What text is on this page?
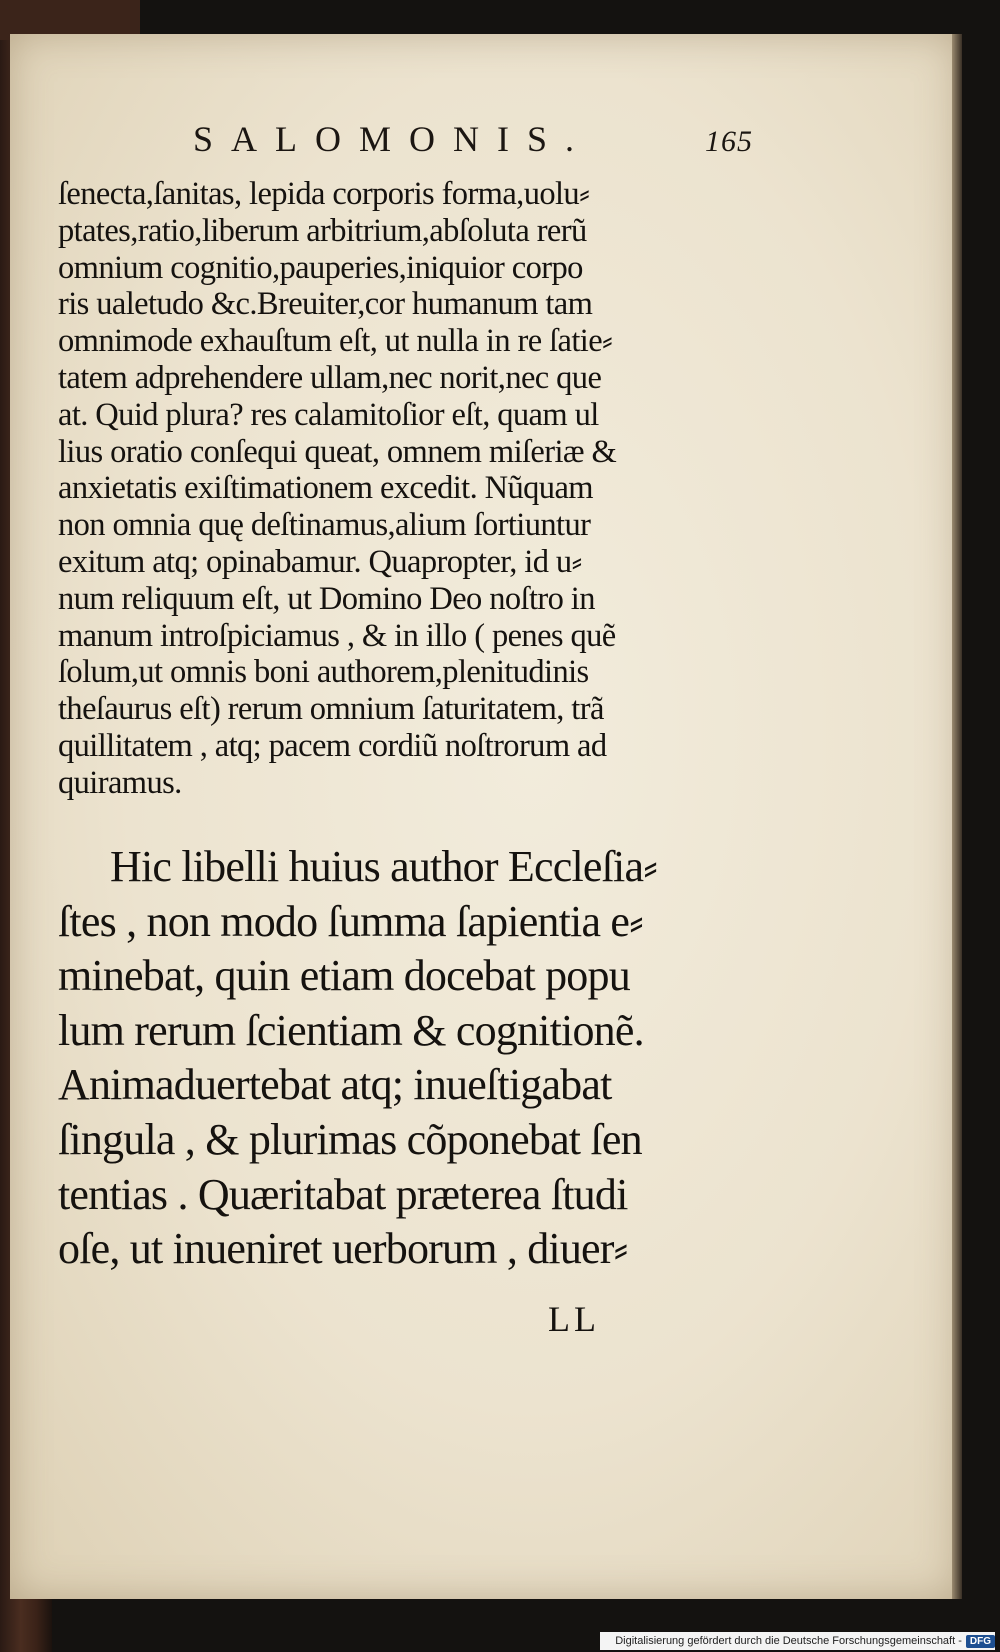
SALOMONIS.	165
ſenecta,ſanitas, lepida corporis forma,uolu⸗
ptates,ratio,liberum arbitrium,abſoluta rerũ
omnium cognitio,pauperies,iniquior corpo
ris ualetudo &c.Breuiter,cor humanum tam
omnimode exhauſtum eſt, ut nulla in re ſatie⸗
tatem adprehendere ullam,nec norit,nec que
at. Quid plura? res calamitoſior eſt, quam ul
lius oratio conſequi queat, omnem miſeriæ &
anxietatis exiſtimationem excedit. Nũquam
non omnia quę deſtinamus,alium ſortiuntur
exitum atq; opinabamur. Quapropter, id u⸗
num reliquum eſt, ut Domino Deo noſtro in
manum introſpiciamus , & in illo ( penes quẽ
ſolum,ut omnis boni authorem,plenitudinis
theſaurus eſt) rerum omnium ſaturitatem, trã
quillitatem , atq; pacem cordiũ noſtrorum ad
quiramus.
Hic libelli huius author Eccleſia⸗
ſtes , non modo ſumma ſapientia e⸗
minebat, quin etiam docebat popu
lum rerum ſcientiam & cognitionẽ.
Animaduertebat atq; inueſtigabat
ſingula , & plurimas cõponebat ſen
tentias . Quæritabat præterea ſtudi
oſe, ut inueniret uerborum , diuer⸗
LL
Digitalisierung gefördert durch die Deutsche Forschungsgemeinschaft - DFG
